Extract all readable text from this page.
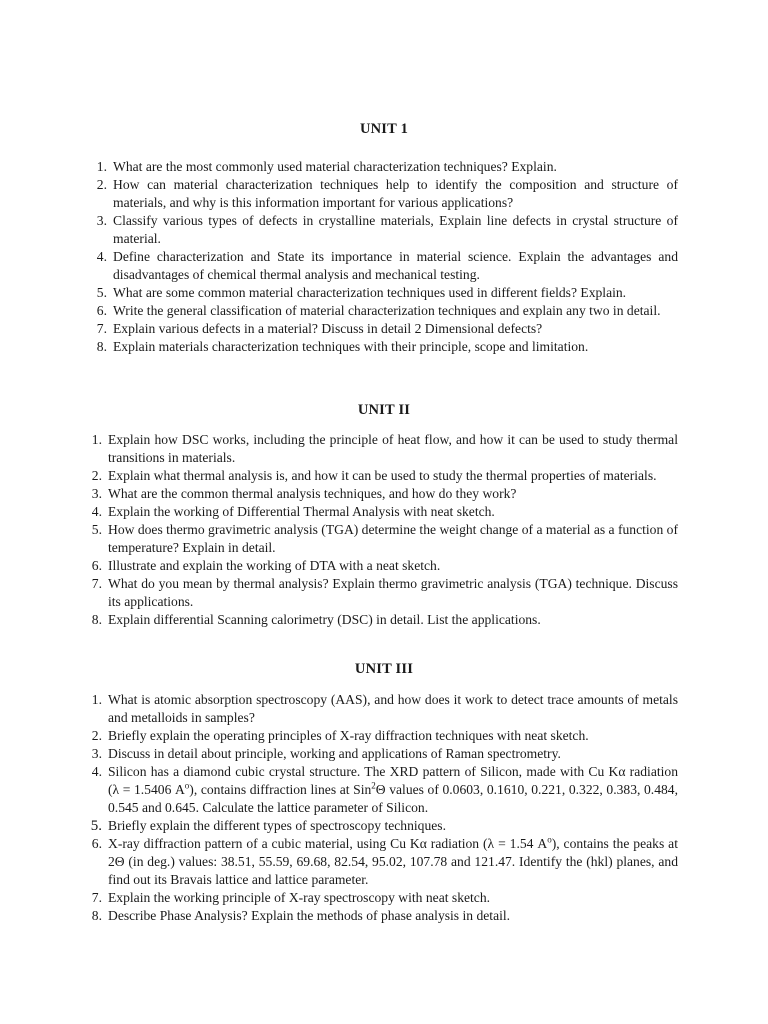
UNIT 1
1. What are the most commonly used material characterization techniques? Explain.
2. How can material characterization techniques help to identify the composition and structure of materials, and why is this information important for various applications?
3. Classify various types of defects in crystalline materials, Explain line defects in crystal structure of material.
4. Define characterization and State its importance in material science. Explain the advantages and disadvantages of chemical thermal analysis and mechanical testing.
5. What are some common material characterization techniques used in different fields? Explain.
6. Write the general classification of material characterization techniques and explain any two in detail.
7. Explain various defects in a material? Discuss in detail 2 Dimensional defects?
8. Explain materials characterization techniques with their principle, scope and limitation.
UNIT II
1. Explain how DSC works, including the principle of heat flow, and how it can be used to study thermal transitions in materials.
2. Explain what thermal analysis is, and how it can be used to study the thermal properties of materials.
3. What are the common thermal analysis techniques, and how do they work?
4. Explain the working of Differential Thermal Analysis with neat sketch.
5. How does thermo gravimetric analysis (TGA) determine the weight change of a material as a function of temperature? Explain in detail.
6. Illustrate and explain the working of DTA with a neat sketch.
7. What do you mean by thermal analysis? Explain thermo gravimetric analysis (TGA) technique. Discuss its applications.
8. Explain differential Scanning calorimetry (DSC) in detail. List the applications.
UNIT III
1. What is atomic absorption spectroscopy (AAS), and how does it work to detect trace amounts of metals and metalloids in samples?
2. Briefly explain the operating principles of X-ray diffraction techniques with neat sketch.
3. Discuss in detail about principle, working and applications of Raman spectrometry.
4. Silicon has a diamond cubic crystal structure. The XRD pattern of Silicon, made with Cu Kα radiation (λ = 1.5406 $A^o$), contains diffraction lines at Sin$^2$Θ values of 0.0603, 0.1610, 0.221, 0.322, 0.383, 0.484, 0.545 and 0.645. Calculate the lattice parameter of Silicon.
5. Briefly explain the different types of spectroscopy techniques.
6. X-ray diffraction pattern of a cubic material, using Cu Kα radiation (λ = 1.54 $A^o$), contains the peaks at 2Θ (in deg.) values: 38.51, 55.59, 69.68, 82.54, 95.02, 107.78 and 121.47. Identify the (hkl) planes, and find out its Bravais lattice and lattice parameter.
7. Explain the working principle of X-ray spectroscopy with neat sketch.
8. Describe Phase Analysis? Explain the methods of phase analysis in detail.
